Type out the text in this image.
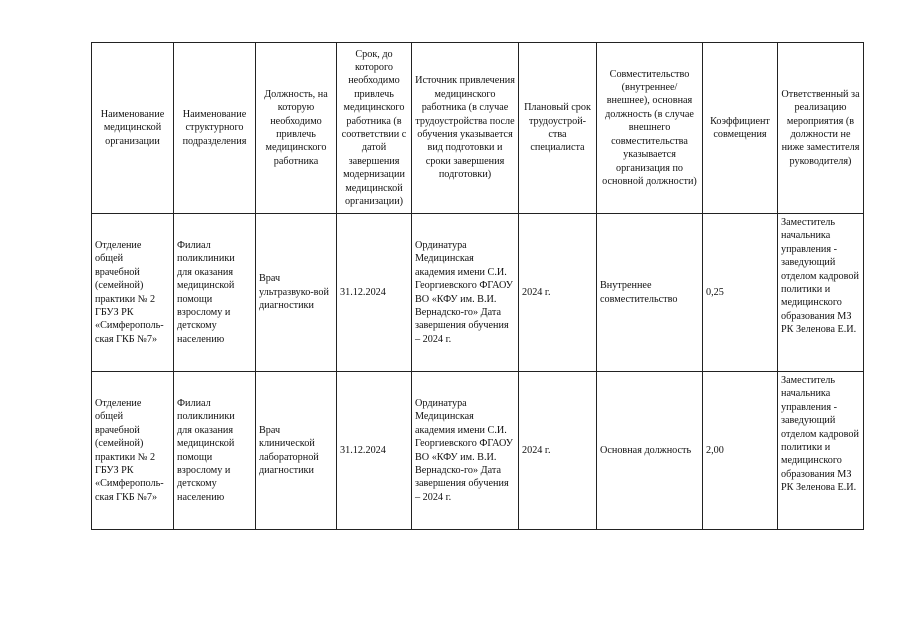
Наименование медицинской организации	Наименование структурного подразделения	Должность, на которую необходимо привлечь медицинского работника	Срок, до которого необходимо привлечь медицинского работника (в соответствии с датой завершения модернизации медицинской организации)	Источник привлечения медицинского работника (в случае трудоустройства после обучения указывается вид подготовки и сроки завершения подготовки)	Плановый срок трудоустрой-ства специалиста	Совместительство (внутреннее/ внешнее), основная должность (в случае внешнего совместительства указывается организация по основной должности)	Коэффициент совмещения	Ответственный за реализацию мероприятия (в должности не ниже заместителя руководителя)
Отделение общей врачебной (семейной) практики № 2 ГБУЗ РК «Симферополь-ская ГКБ №7»	Филиал поликлиники для оказания медицинской помощи взрослому и детскому населению	Врач ультразвуко-вой диагностики	31.12.2024	Ординатура Медицинская академия имени С.И. Георгиевского ФГАОУ ВО «КФУ им. В.И. Вернадско-го» Дата завершения обучения – 2024 г.	2024 г.	Внутреннее совместительство	0,25	Заместитель начальника управления - заведующий отделом кадровой политики и медицинского образования МЗ РК Зеленова Е.И.
Отделение общей врачебной (семейной) практики № 2 ГБУЗ РК «Симферополь-ская ГКБ №7»	Филиал поликлиники для оказания медицинской помощи взрослому и детскому населению	Врач клинической лабораторной диагностики	31.12.2024	Ординатура Медицинская академия имени С.И. Георгиевского ФГАОУ ВО «КФУ им. В.И. Вернадско-го» Дата завершения обучения – 2024 г.	2024 г.	Основная должность	2,00	Заместитель начальника управления - заведующий отделом кадровой политики и медицинского образования МЗ РК Зеленова Е.И.
